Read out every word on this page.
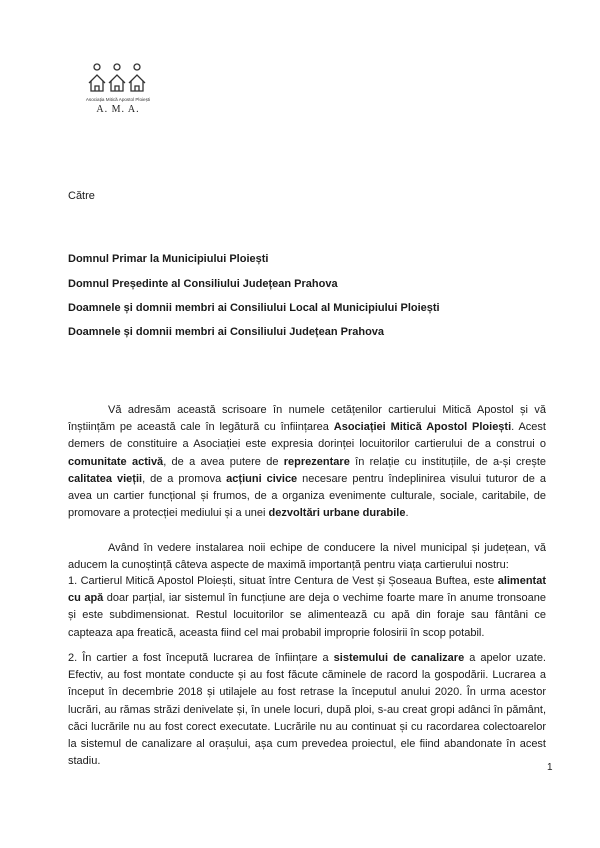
Asociația Mitică Apostol Ploiești
A. M. A.
Către
Domnul Primar la Municipiului Ploiești
Domnul Președinte al Consiliului Județean Prahova
Doamnele și domnii membri ai Consiliului Local al Municipiului Ploiești
Doamnele și domnii membri ai Consiliului Județean Prahova

Vă adresăm această scrisoare în numele cetățenilor cartierului Mitică Apostol și vă înștiințăm pe această cale în legătură cu înființarea Asociației Mitică Apostol Ploiești. Acest demers de constituire a Asociației este expresia dorinței locuitorilor cartierului de a construi o comunitate activă, de a avea putere de reprezentare în relație cu instituțiile, de a-și crește calitatea vieții, de a promova acțiuni civice necesare pentru îndeplinirea visului tuturor de a avea un cartier funcțional și frumos, de a organiza evenimente culturale, sociale, caritabile, de promovare a protecției mediului și a unei dezvoltări urbane durabile.

Având în vedere instalarea noii echipe de conducere la nivel municipal și județean, vă aducem la cunoștință câteva aspecte de maximă importanță pentru viața cartierului nostru:

1. Cartierul Mitică Apostol Ploiești, situat între Centura de Vest și Șoseaua Buftea, este alimentat cu apă doar parțial, iar sistemul în funcțiune are deja o vechime foarte mare în anume tronsoane și este subdimensionat. Restul locuitorilor se alimentează cu apă din foraje sau fântâni ce capteaza apa freatică, aceasta fiind cel mai probabil improprie folosirii în scop potabil.

2. În cartier a fost începută lucrarea de înființare a sistemului de canalizare a apelor uzate. Efectiv, au fost montate conducte și au fost făcute căminele de racord la gospodării. Lucrarea a început în decembrie 2018 și utilajele au fost retrase la începutul anului 2020. În urma acestor lucrări, au rămas străzi denivelate și, în unele locuri, după ploi, s-au creat gropi adânci în pământ, căci lucrările nu au fost corect executate. Lucrările nu au continuat și cu racordarea colectoarelor la sistemul de canalizare al orașului, așa cum prevedea proiectul, ele fiind abandonate în acest stadiu.

1
